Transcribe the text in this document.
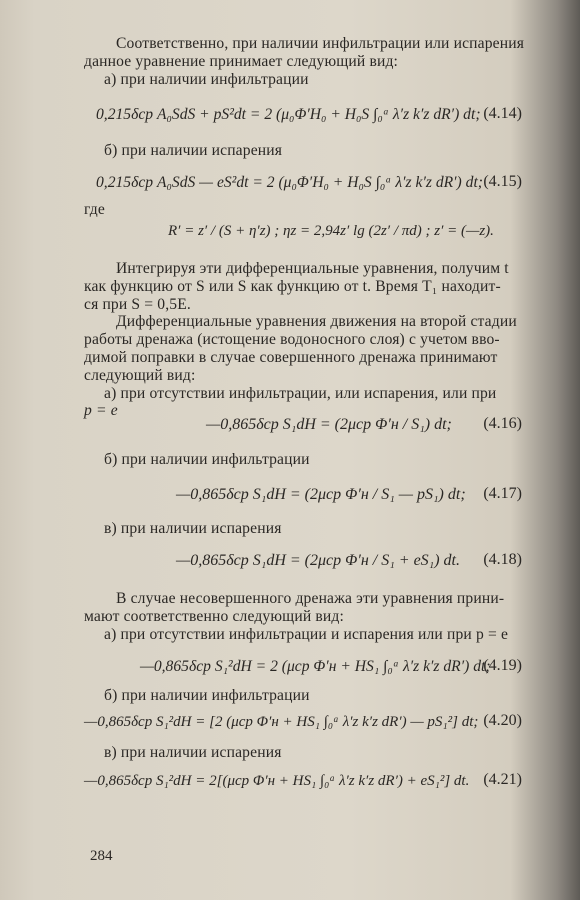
Соответственно, при наличии инфильтрации или испарения
данное уравнение принимает следующий вид:
а) при наличии инфильтрации
0,215δср A₀SdS + pS²dt = 2 (μ₀Φ′H₀ + H₀S ∫₀ᵃ λ′z k′z dR′) dt; (4.14)
б) при наличии испарения
0,215δср A₀SdS — eS²dt = 2 (μ₀Φ′H₀ + H₀S ∫₀ᵃ λ′z k′z dR′) dt; (4.15)
где
R′ = z′ / (S + η′z) ; ηz = 2,94z′ lg (2z′ / πd) ; z′ = (—z).
Интегрируя эти дифференциальные уравнения, получим t
как функцию от S или S как функцию от t. Время T₁ находит-
ся при S = 0,5E.
Дифференциальные уравнения движения на второй стадии
работы дренажа (истощение водоносного слоя) с учетом вво-
димой поправки в случае совершенного дренажа принимают
следующий вид:
а) при отсутствии инфильтрации, или испарения, или при
p = e
—0,865δср S₁dH = (2μср Φ′н / S₁) dt; (4.16)
б) при наличии инфильтрации
—0,865δср S₁dH = (2μср Φ′н / S₁ — pS₁) dt; (4.17)
в) при наличии испарения
—0,865δср S₁dH = (2μср Φ′н / S₁ + eS₁) dt. (4.18)
В случае несовершенного дренажа эти уравнения прини-
мают соответственно следующий вид:
а) при отсутствии инфильтрации и испарения или при p = e
—0,865δср S₁²dH = 2 (μср Φ′н + HS₁ ∫₀ᵃ λ′z k′z dR′) dt;
(4.19)
б) при наличии инфильтрации
—0,865δср S₁²dH = [2 (μср Φ′н + HS₁ ∫₀ᵃ λ′z k′z dR′) — pS₁²] dt; (4.20)
в) при наличии испарения
—0,865δср S₁²dH = 2[(μср Φ′н + HS₁ ∫₀ᵃ λ′z k′z dR′) + eS₁²] dt. (4.21)
284
